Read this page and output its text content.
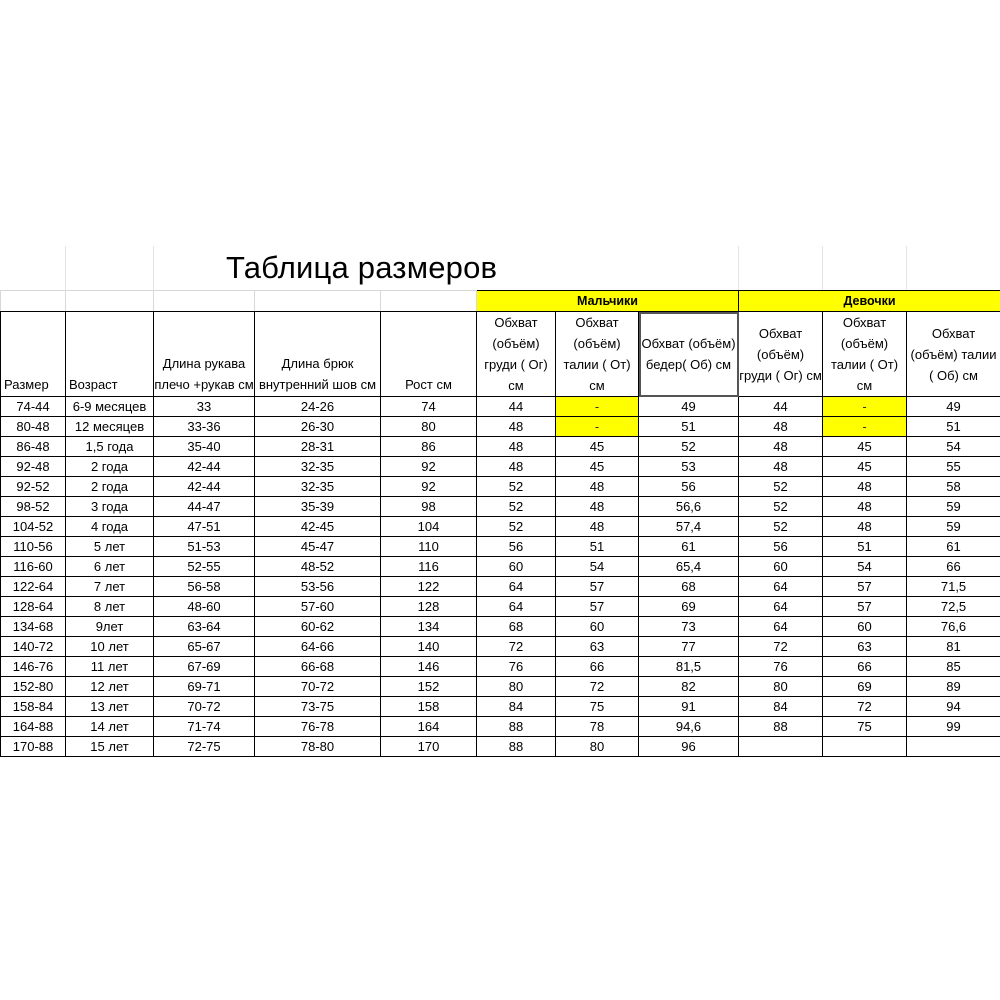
Таблица размеров
					Мальчики			Девочки		
Размер	Возраст	Длина рукава плечо +рукав см	Длина брюк внутренний шов см	Рост см	Обхват (объём) груди ( Ог) см	Обхват (объём) талии ( От) см	Обхват (объём) бедер( Об) см	Обхват (объём) груди ( Ог) см	Обхват (объём) талии ( От) см	Обхват (объём) талии ( Об) см
74-44	6-9 месяцев	33	24-26	74	44	-	49	44	-	49
80-48	12 месяцев	33-36	26-30	80	48	-	51	48	-	51
86-48	1,5 года	35-40	28-31	86	48	45	52	48	45	54
92-48	2 года	42-44	32-35	92	48	45	53	48	45	55
92-52	2 года	42-44	32-35	92	52	48	56	52	48	58
98-52	3 года	44-47	35-39	98	52	48	56,6	52	48	59
104-52	4 года	47-51	42-45	104	52	48	57,4	52	48	59
110-56	5 лет	51-53	45-47	110	56	51	61	56	51	61
116-60	6 лет	52-55	48-52	116	60	54	65,4	60	54	66
122-64	7 лет	56-58	53-56	122	64	57	68	64	57	71,5
128-64	8 лет	48-60	57-60	128	64	57	69	64	57	72,5
134-68	9лет	63-64	60-62	134	68	60	73	64	60	76,6
140-72	10 лет	65-67	64-66	140	72	63	77	72	63	81
146-76	11 лет	67-69	66-68	146	76	66	81,5	76	66	85
152-80	12 лет	69-71	70-72	152	80	72	82	80	69	89
158-84	13 лет	70-72	73-75	158	84	75	91	84	72	94
164-88	14 лет	71-74	76-78	164	88	78	94,6	88	75	99
170-88	15 лет	72-75	78-80	170	88	80	96			
